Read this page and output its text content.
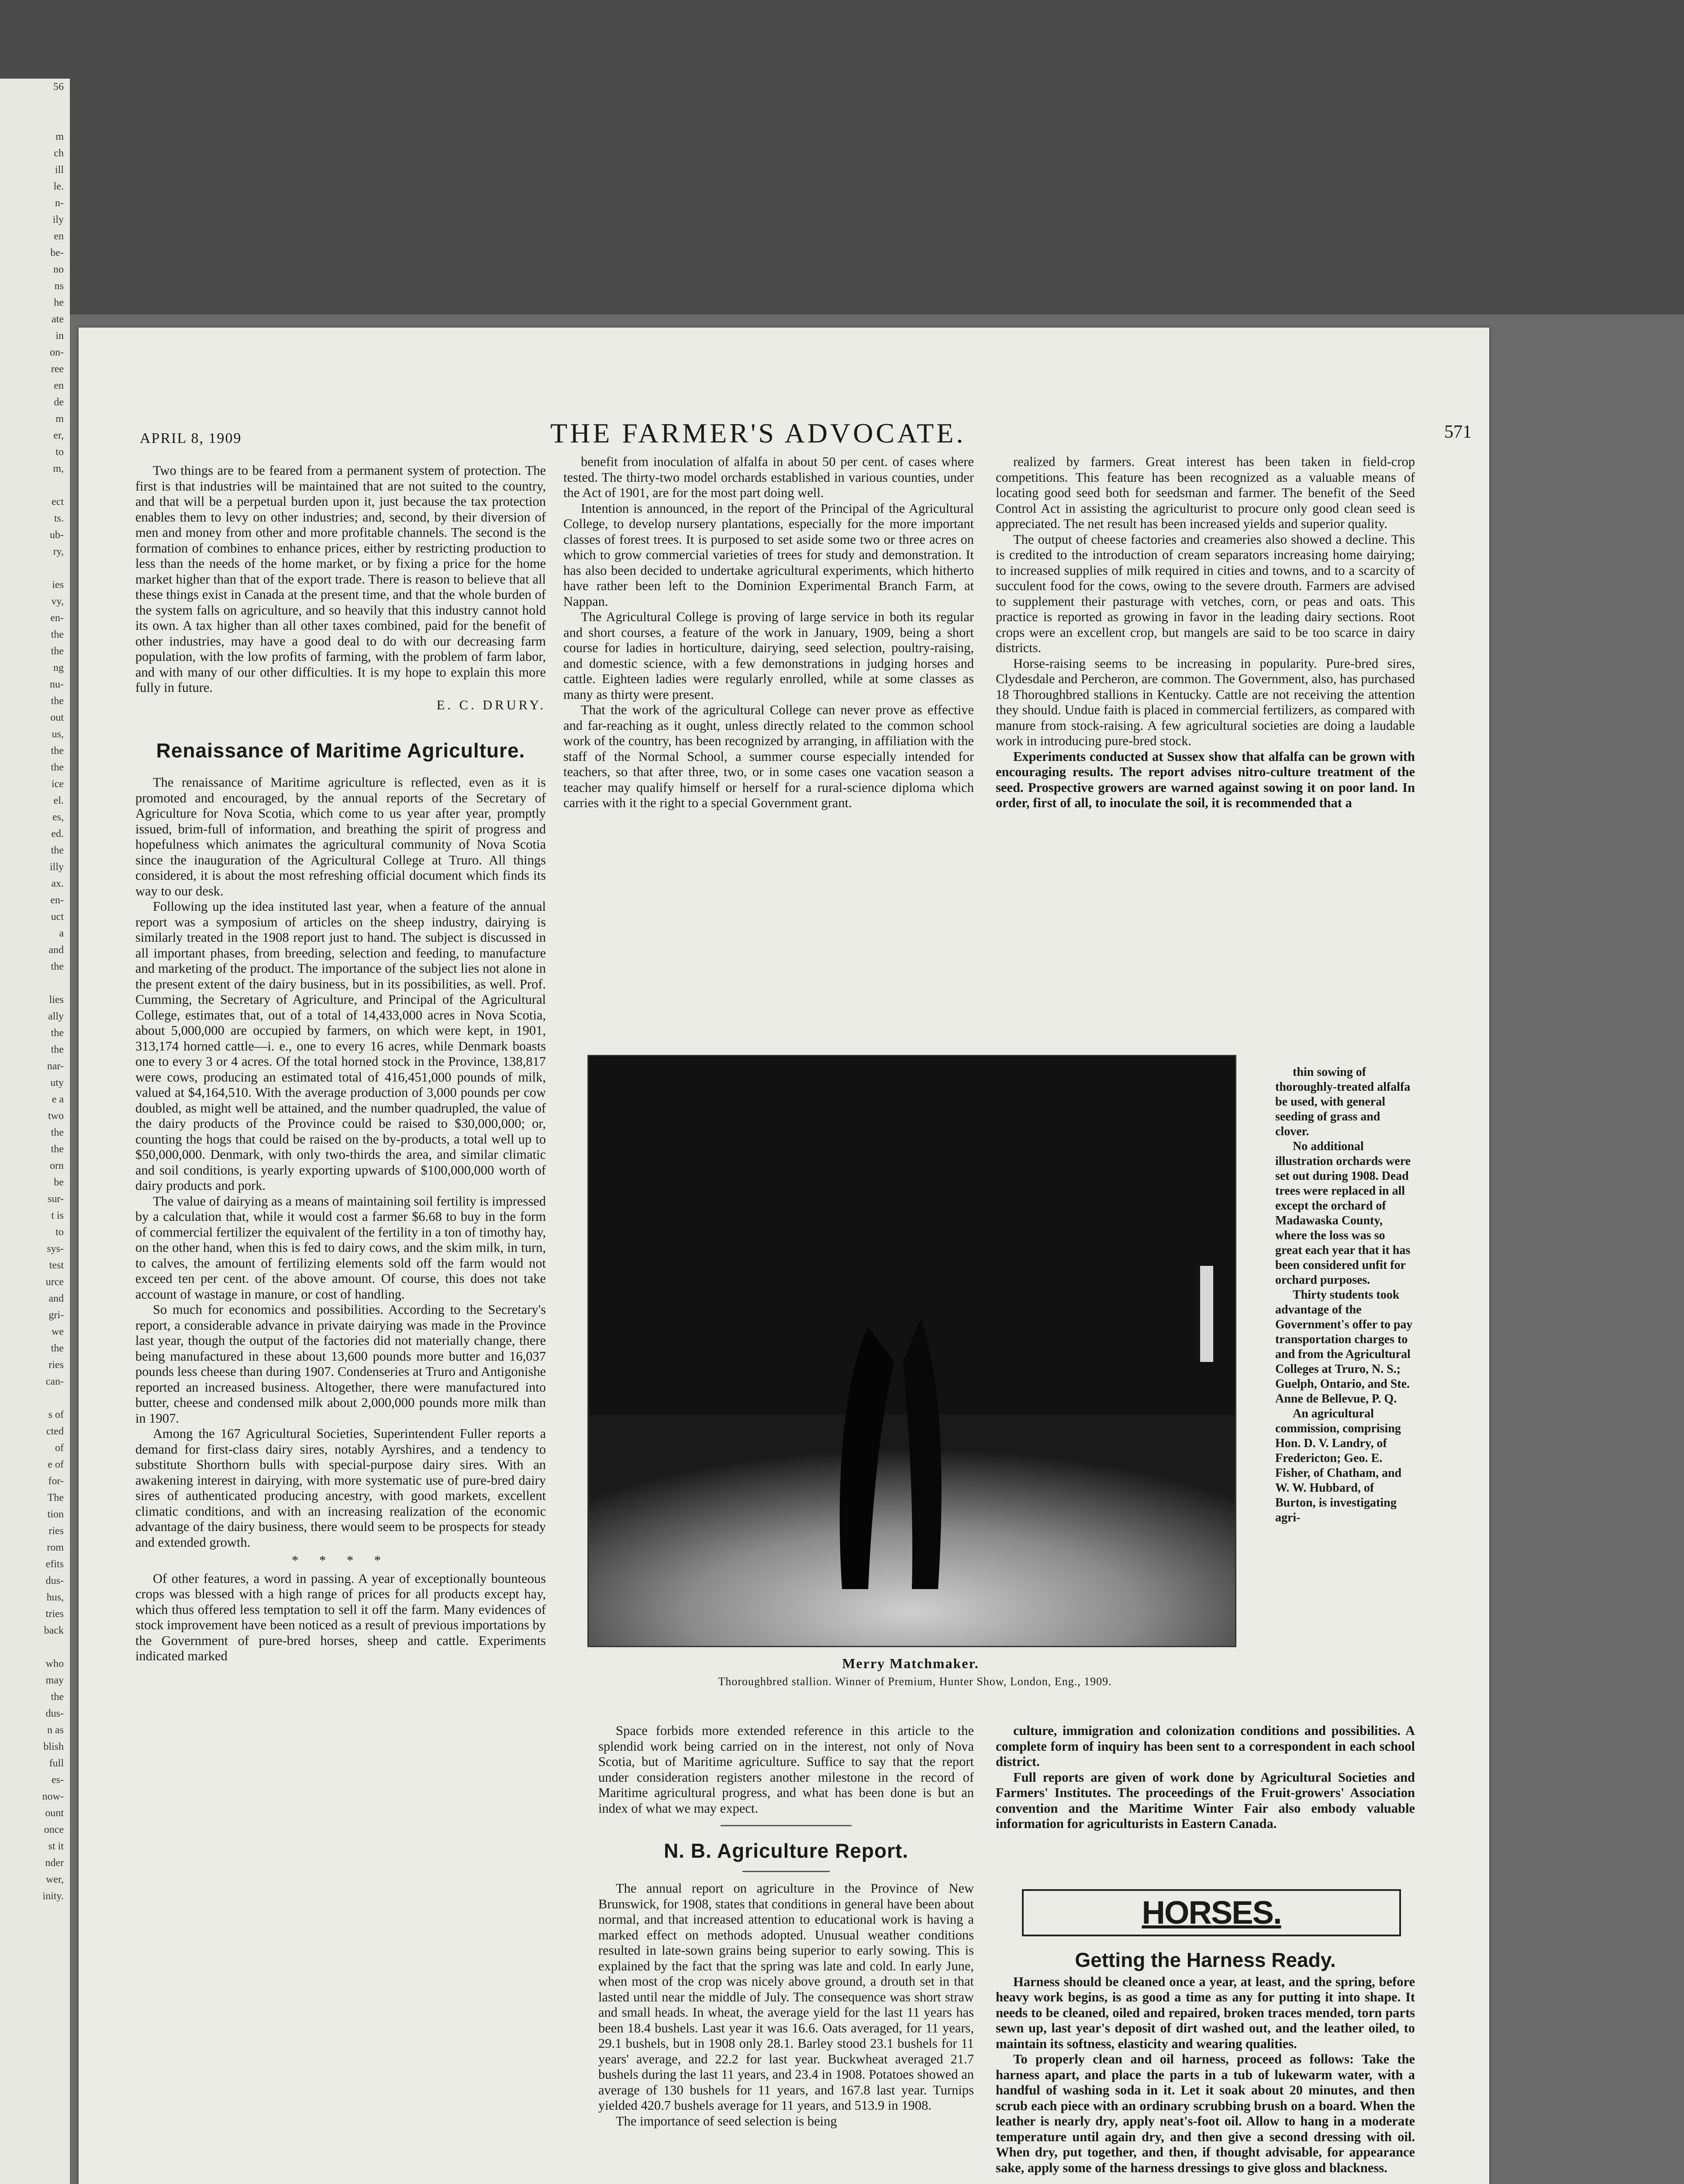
56

m
ch
ill
le.
n-
ily
en
be-
no
ns
he
ate
in
on-
ree
en
de
m
er,
to
m,

ect
ts.
ub-
ry,

ies
vy,
en-
the
the
ng
nu-
the
out
us,
the
the
ice
el.
es,
ed.
the
illy
ax.
en-
uct
a
and
the

lies
ally
the
the
nar-
uty
e a
two
the
the
orn
be
sur-
t is
to
sys-
test
urce
and
gri-
we
the
ries
can-

s of
cted
of
e of
for-
The
tion
ries
rom
efits
dus-
hus,
tries
back

who
may
the
dus-
n as
blish
full
es-
now-
ount
once
st it
nder
wer,
inity.
APRIL 8, 1909	THE FARMER'S ADVOCATE.	571

Two things are to be feared from a permanent system of protection. The first is that industries will be maintained that are not suited to the country, and that will be a perpetual burden upon it, just because the tax protection enables them to levy on other industries; and, second, by their diversion of men and money from other and more profitable channels. The second is the formation of combines to enhance prices, either by restricting production to less than the needs of the home market, or by fixing a price for the home market higher than that of the export trade. There is reason to believe that all these things exist in Canada at the present time, and that the whole burden of the system falls on agriculture, and so heavily that this industry cannot hold its own. A tax higher than all other taxes combined, paid for the benefit of other industries, may have a good deal to do with our decreasing farm population, with the low profits of farming, with the problem of farm labor, and with many of our other difficulties. It is my hope to explain this more fully in future.

E. C. DRURY.
Renaissance of Maritime Agriculture.

The renaissance of Maritime agriculture is reflected, even as it is promoted and encouraged, by the annual reports of the Secretary of Agriculture for Nova Scotia, which come to us year after year, promptly issued, brim-full of information, and breathing the spirit of progress and hopefulness which animates the agricultural community of Nova Scotia since the inauguration of the Agricultural College at Truro. All things considered, it is about the most refreshing official document which finds its way to our desk.

Following up the idea instituted last year, when a feature of the annual report was a symposium of articles on the sheep industry, dairying is similarly treated in the 1908 report just to hand. The subject is discussed in all important phases, from breeding, selection and feeding, to manufacture and marketing of the product. The importance of the subject lies not alone in the present extent of the dairy business, but in its possibilities, as well. Prof. Cumming, the Secretary of Agriculture, and Principal of the Agricultural College, estimates that, out of a total of 14,433,000 acres in Nova Scotia, about 5,000,000 are occupied by farmers, on which were kept, in 1901, 313,174 horned cattle—i. e., one to every 16 acres, while Denmark boasts one to every 3 or 4 acres. Of the total horned stock in the Province, 138,817 were cows, producing an estimated total of 416,451,000 pounds of milk, valued at $4,164,510. With the average production of 3,000 pounds per cow doubled, as might well be attained, and the number quadrupled, the value of the dairy products of the Province could be raised to $30,000,000; or, counting the hogs that could be raised on the by-products, a total well up to $50,000,000. Denmark, with only two-thirds the area, and similar climatic and soil conditions, is yearly exporting upwards of $100,000,000 worth of dairy products and pork.

The value of dairying as a means of maintaining soil fertility is impressed by a calculation that, while it would cost a farmer $6.68 to buy in the form of commercial fertilizer the equivalent of the fertility in a ton of timothy hay, on the other hand, when this is fed to dairy cows, and the skim milk, in turn, to calves, the amount of fertilizing elements sold off the farm would not exceed ten per cent. of the above amount. Of course, this does not take account of wastage in manure, or cost of handling.

So much for economics and possibilities. According to the Secretary's report, a considerable advance in private dairying was made in the Province last year, though the output of the factories did not materially change, there being manufactured in these about 13,600 pounds more butter and 16,037 pounds less cheese than during 1907. Condenseries at Truro and Antigonishe reported an increased business. Altogether, there were manufactured into butter, cheese and condensed milk about 2,000,000 pounds more milk than in 1907.

Among the 167 Agricultural Societies, Superintendent Fuller reports a demand for first-class dairy sires, notably Ayrshires, and a tendency to substitute Shorthorn bulls with special-purpose dairy sires. With an awakening interest in dairying, with more systematic use of pure-bred dairy sires of authenticated producing ancestry, with good markets, excellent climatic conditions, and with an increasing realization of the economic advantage of the dairy business, there would seem to be prospects for steady and extended growth.

* * * *

Of other features, a word in passing. A year of exceptionally bounteous crops was blessed with a high range of prices for all products except hay, which thus offered less temptation to sell it off the farm. Many evidences of stock improvement have been noticed as a result of previous importations by the Government of pure-bred horses, sheep and cattle. Experiments indicated marked

benefit from inoculation of alfalfa in about 50 per cent. of cases where tested. The thirty-two model orchards established in various counties, under the Act of 1901, are for the most part doing well.

Intention is announced, in the report of the Principal of the Agricultural College, to develop nursery plantations, especially for the more important classes of forest trees. It is purposed to set aside some two or three acres on which to grow commercial varieties of trees for study and demonstration. It has also been decided to undertake agricultural experiments, which hitherto have rather been left to the Dominion Experimental Branch Farm, at Nappan.

The Agricultural College is proving of large service in both its regular and short courses, a feature of the work in January, 1909, being a short course for ladies in horticulture, dairying, seed selection, poultry-raising, and domestic science, with a few demonstrations in judging horses and cattle. Eighteen ladies were regularly enrolled, while at some classes as many as thirty were present.

That the work of the agricultural College can never prove as effective and far-reaching as it ought, unless directly related to the common school work of the country, has been recognized by arranging, in affiliation with the staff of the Normal School, a summer course especially intended for teachers, so that after three, two, or in some cases one vacation season a teacher may qualify himself or herself for a rural-science diploma which carries with it the right to a special Government grant.

realized by farmers. Great interest has been taken in field-crop competitions. This feature has been recognized as a valuable means of locating good seed both for seedsman and farmer. The benefit of the Seed Control Act in assisting the agriculturist to procure only good clean seed is appreciated. The net result has been increased yields and superior quality.

The output of cheese factories and creameries also showed a decline. This is credited to the introduction of cream separators increasing home dairying; to increased supplies of milk required in cities and towns, and to a scarcity of succulent food for the cows, owing to the severe drouth. Farmers are advised to supplement their pasturage with vetches, corn, or peas and oats. This practice is reported as growing in favor in the leading dairy sections. Root crops were an excellent crop, but mangels are said to be too scarce in dairy districts.

Horse-raising seems to be increasing in popularity. Pure-bred sires, Clydesdale and Percheron, are common. The Government, also, has purchased 18 Thoroughbred stallions in Kentucky. Cattle are not receiving the attention they should. Undue faith is placed in commercial fertilizers, as compared with manure from stock-raising. A few agricultural societies are doing a laudable work in introducing pure-bred stock.

Experiments conducted at Sussex show that alfalfa can be grown with encouraging results. The report advises nitro-culture treatment of the seed. Prospective growers are warned against sowing it on poor land. In order, first of all, to inoculate the soil, it is recommended that a

Merry Matchmaker.
Thoroughbred stallion. Winner of Premium, Hunter Show, London, Eng., 1909.

thin sowing of thoroughly-treated alfalfa be used, with general seeding of grass and clover.

No additional illustration orchards were set out during 1908. Dead trees were replaced in all except the orchard of Madawaska County, where the loss was so great each year that it has been considered unfit for orchard purposes.

Thirty students took advantage of the Government's offer to pay transportation charges to and from the Agricultural Colleges at Truro, N. S.; Guelph, Ontario, and Ste. Anne de Bellevue, P. Q.

An agricultural commission, comprising Hon. D. V. Landry, of Fredericton; Geo. E. Fisher, of Chatham, and W. W. Hubbard, of Burton, is investigating agri-

Space forbids more extended reference in this article to the splendid work being carried on in the interest, not only of Nova Scotia, but of Maritime agriculture. Suffice to say that the report under consideration registers another milestone in the record of Maritime agricultural progress, and what has been done is but an index of what we may expect.

N. B. Agriculture Report.

The annual report on agriculture in the Province of New Brunswick, for 1908, states that conditions in general have been about normal, and that increased attention to educational work is having a marked effect on methods adopted. Unusual weather conditions resulted in late-sown grains being superior to early sowing. This is explained by the fact that the spring was late and cold. In early June, when most of the crop was nicely above ground, a drouth set in that lasted until near the middle of July. The consequence was short straw and small heads. In wheat, the average yield for the last 11 years has been 18.4 bushels. Last year it was 16.6. Oats averaged, for 11 years, 29.1 bushels, but in 1908 only 28.1. Barley stood 23.1 bushels for 11 years' average, and 22.2 for last year. Buckwheat averaged 21.7 bushels during the last 11 years, and 23.4 in 1908. Potatoes showed an average of 130 bushels for 11 years, and 167.8 last year. Turnips yielded 420.7 bushels average for 11 years, and 513.9 in 1908.

The importance of seed selection is being

culture, immigration and colonization conditions and possibilities. A complete form of inquiry has been sent to a correspondent in each school district.

Full reports are given of work done by Agricultural Societies and Farmers' Institutes. The proceedings of the Fruit-growers' Association convention and the Maritime Winter Fair also embody valuable information for agriculturists in Eastern Canada.

HORSES.
Getting the Harness Ready.

Harness should be cleaned once a year, at least, and the spring, before heavy work begins, is as good a time as any for putting it into shape. It needs to be cleaned, oiled and repaired, broken traces mended, torn parts sewn up, last year's deposit of dirt washed out, and the leather oiled, to maintain its softness, elasticity and wearing qualities.

To properly clean and oil harness, proceed as follows: Take the harness apart, and place the parts in a tub of lukewarm water, with a handful of washing soda in it. Let it soak about 20 minutes, and then scrub each piece with an ordinary scrubbing brush on a board. When the leather is nearly dry, apply neat's-foot oil. Allow to hang in a moderate temperature until again dry, and then give a second dressing with oil. When dry, put together, and then, if thought advisable, for appearance sake, apply some of the harness dressings to give gloss and blackness.
